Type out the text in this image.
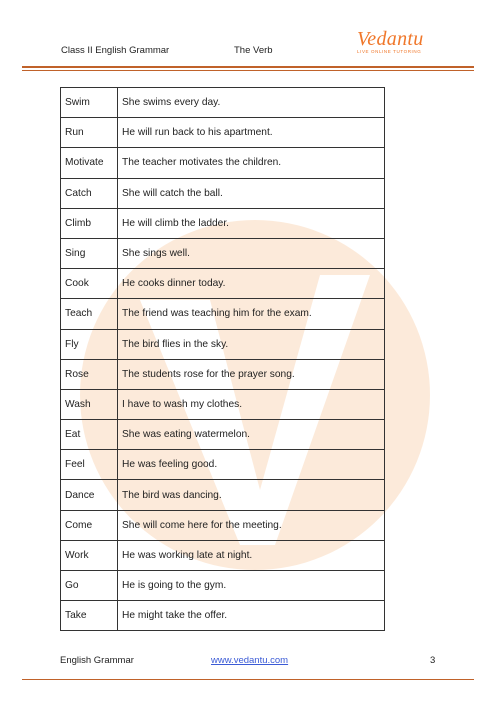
Class II English Grammar	The Verb
Vedantu
LIVE ONLINE TUTORING
Swim	She swims every day.
Run	He will run back to his apartment.
Motivate	The teacher motivates the children.
Catch	She will catch the ball.
Climb	He will climb the ladder.
Sing	She sings well.
Cook	He cooks dinner today.
Teach	The friend was teaching him for the exam.
Fly	The bird flies in the sky.
Rose	The students rose for the prayer song.
Wash	I have to wash my clothes.
Eat	She was eating watermelon.
Feel	He was feeling good.
Dance	The bird was dancing.
Come	She will come here for the meeting.
Work	He was working late at night.
Go	He is going to the gym.
Take	He might take the offer.
English Grammar	www.vedantu.com	3
